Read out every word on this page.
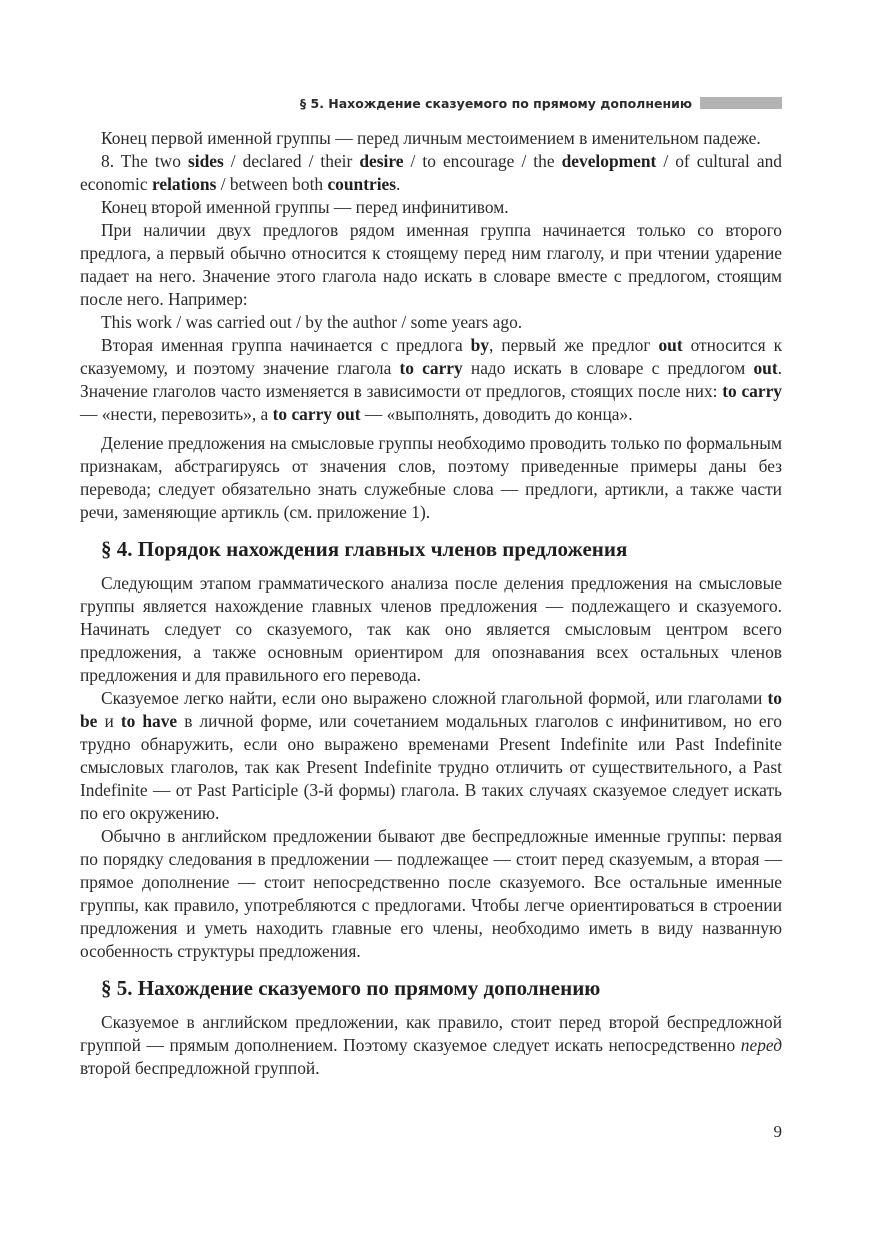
§ 5. Нахождение сказуемого по прямому дополнению

Конец первой именной группы — перед личным местоимением в именительном падеже.

8. The two sides / declared / their desire / to encourage / the development / of cultural and economic relations / between both countries.

Конец второй именной группы — перед инфинитивом.

При наличии двух предлогов рядом именная группа начинается только со второго предлога, а первый обычно относится к стоящему перед ним глаголу, и при чтении ударение падает на него. Значение этого глагола надо искать в словаре вместе с предлогом, стоящим после него. Например:

This work / was carried out / by the author / some years ago.

Вторая именная группа начинается с предлога by, первый же предлог out относится к сказуемому, и поэтому значение глагола to carry надо искать в словаре с предлогом out. Значение глаголов часто изменяется в зависимости от предлогов, стоящих после них: to carry — «нести, перевозить», а to carry out — «выполнять, доводить до конца».

Деление предложения на смысловые группы необходимо проводить только по формальным признакам, абстрагируясь от значения слов, поэтому приведенные примеры даны без перевода; следует обязательно знать служебные слова — предлоги, артикли, а также части речи, заменяющие артикль (см. приложение 1).

§ 4. Порядок нахождения главных членов предложения

Следующим этапом грамматического анализа после деления предложения на смысловые группы является нахождение главных членов предложения — подлежащего и сказуемого. Начинать следует со сказуемого, так как оно является смысловым центром всего предложения, а также основным ориентиром для опознавания всех остальных членов предложения и для правильного его перевода.

Сказуемое легко найти, если оно выражено сложной глагольной формой, или глаголами to be и to have в личной форме, или сочетанием модальных глаголов с инфинитивом, но его трудно обнаружить, если оно выражено временами Present Indefinite или Past Indefinite смысловых глаголов, так как Present Indefinite трудно отличить от существительного, а Past Indefinite — от Past Participle (3-й формы) глагола. В таких случаях сказуемое следует искать по его окружению.

Обычно в английском предложении бывают две беспредложные именные группы: первая по порядку следования в предложении — подлежащее — стоит перед сказуемым, а вторая — прямое дополнение — стоит непосредственно после сказуемого. Все остальные именные группы, как правило, употребляются с предлогами. Чтобы легче ориентироваться в строении предложения и уметь находить главные его члены, необходимо иметь в виду названную особенность структуры предложения.

§ 5. Нахождение сказуемого по прямому дополнению

Сказуемое в английском предложении, как правило, стоит перед второй беспредложной группой — прямым дополнением. Поэтому сказуемое следует искать непосредственно перед второй беспредложной группой.

9
